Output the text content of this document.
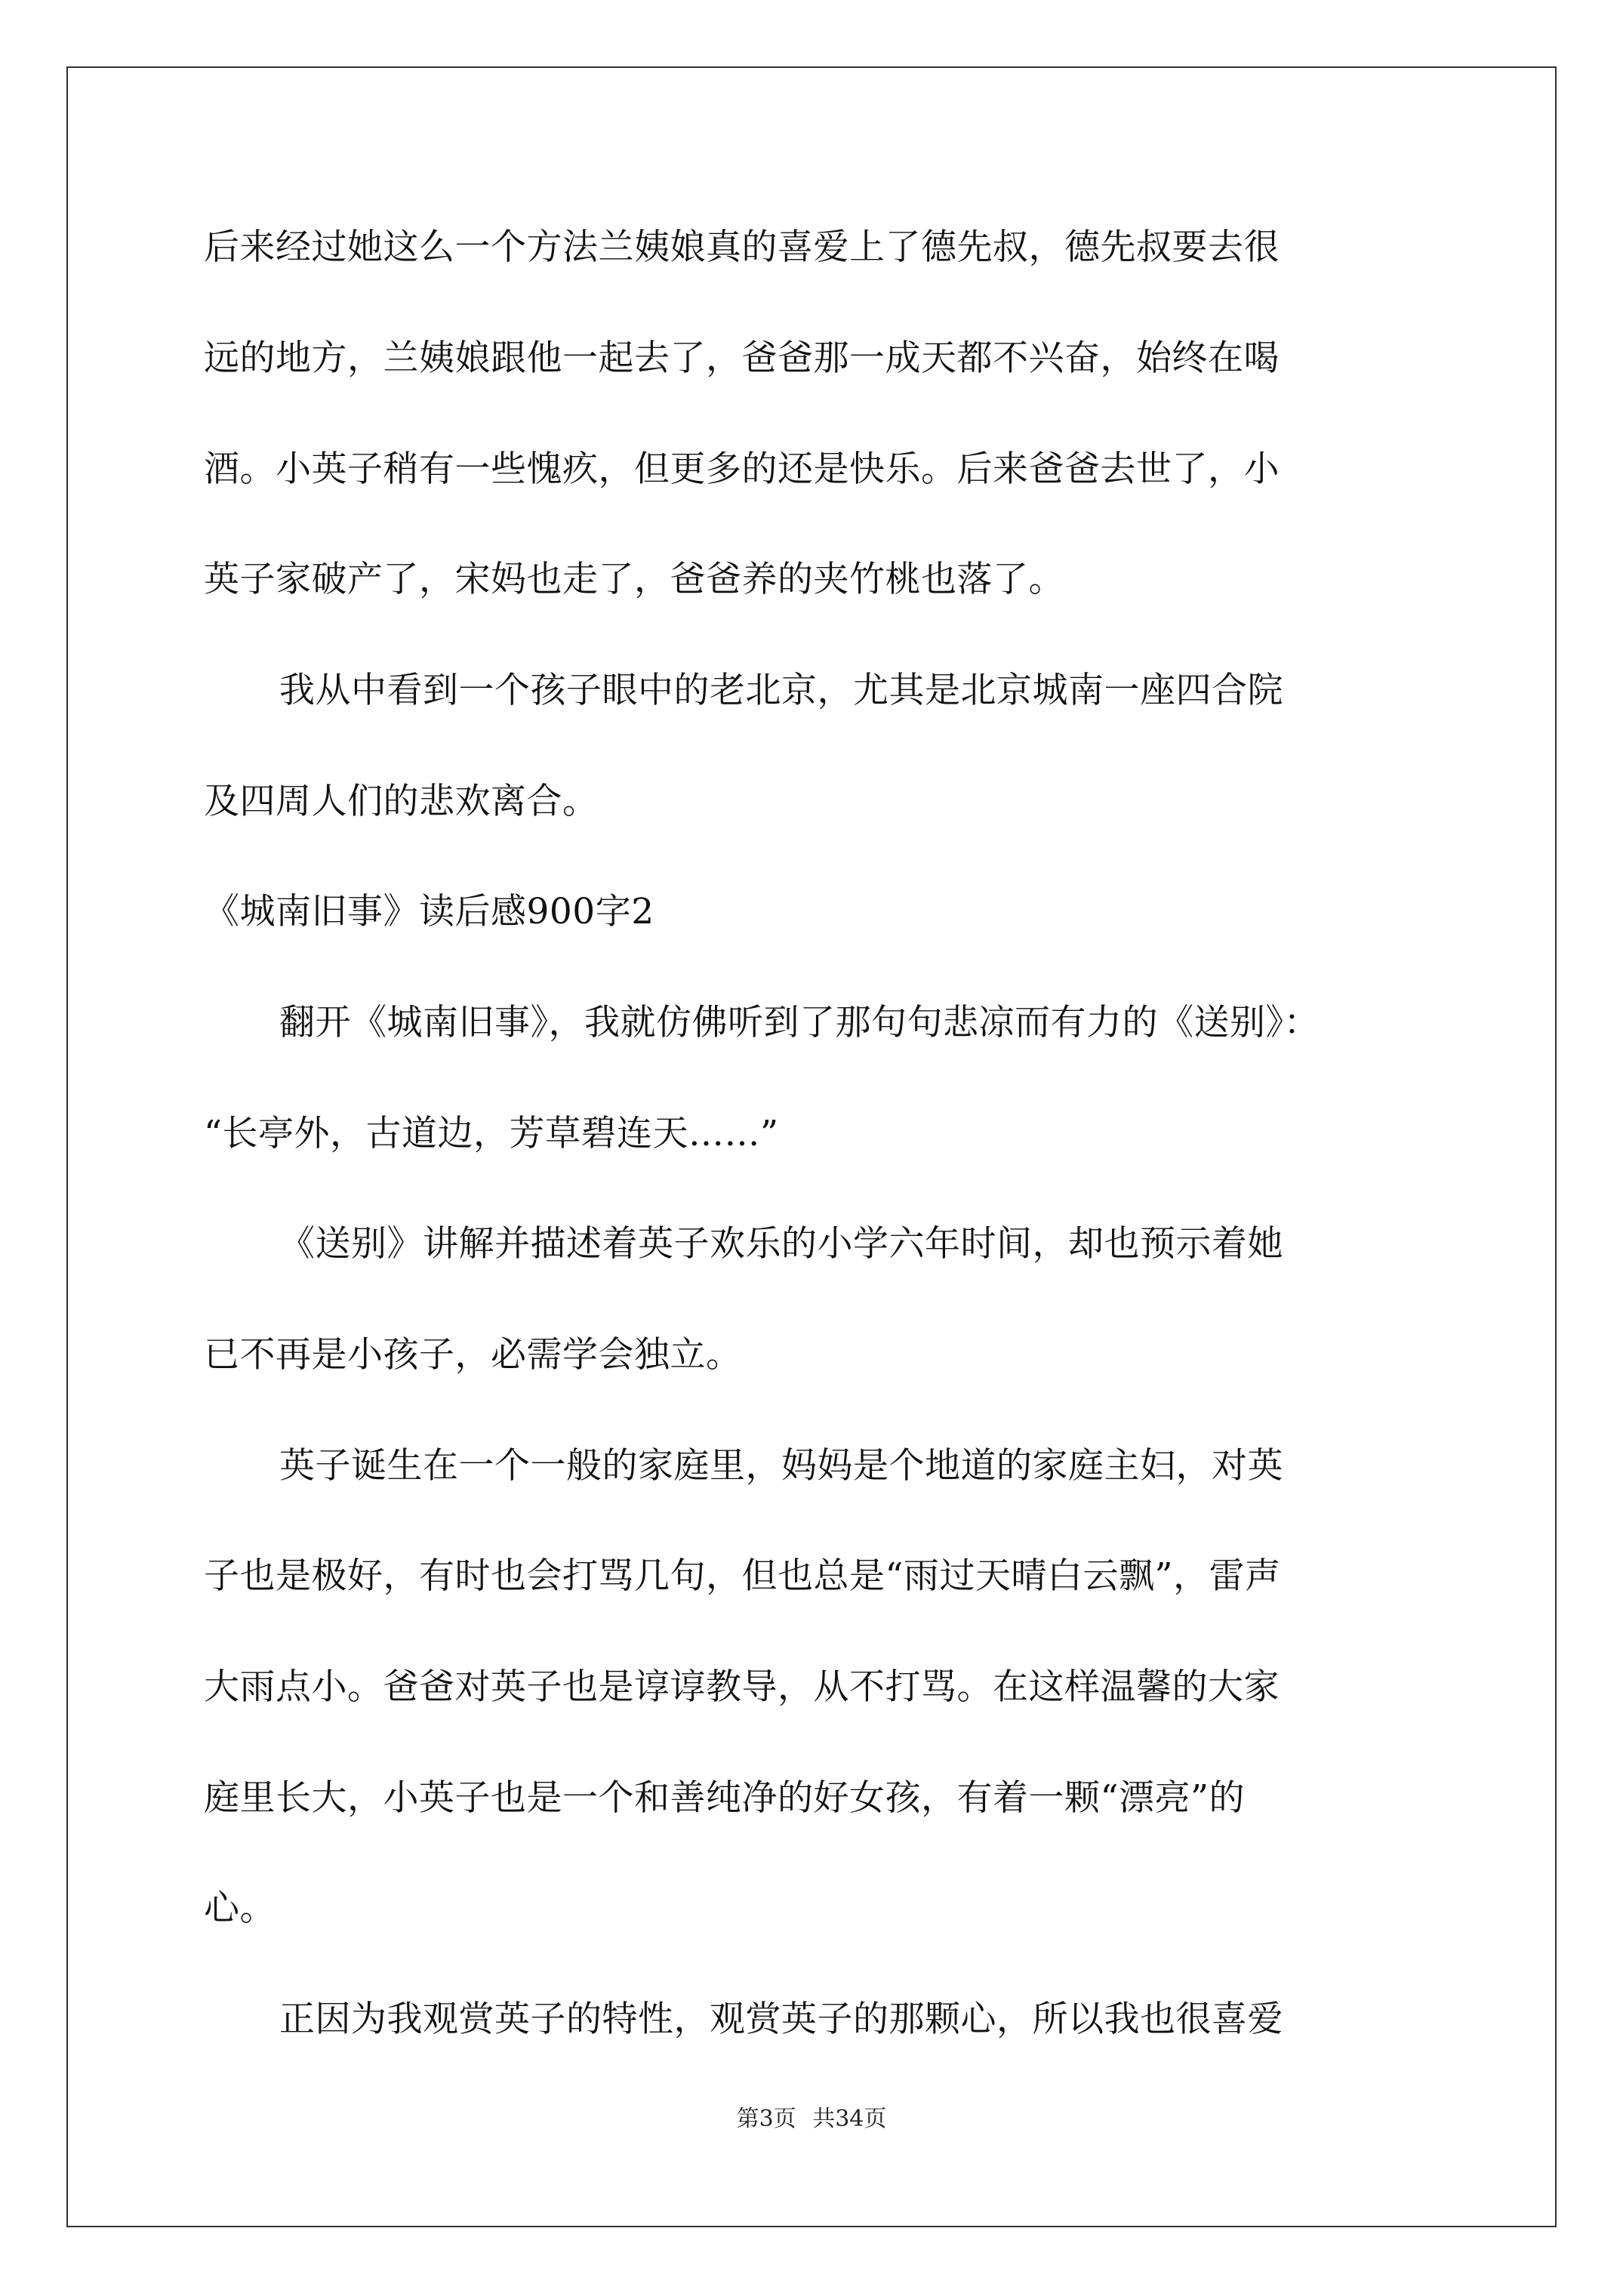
后来经过她这么一个方法兰姨娘真的喜爱上了德先叔，德先叔要去很
远的地方，兰姨娘跟他一起去了，爸爸那一成天都不兴奋，始终在喝
酒。小英子稍有一些愧疚，但更多的还是快乐。后来爸爸去世了，小
英子家破产了，宋妈也走了，爸爸养的夹竹桃也落了。
我从中看到一个孩子眼中的老北京，尤其是北京城南一座四合院
及四周人们的悲欢离合。
《城南旧事》读后感900字2
翻开《城南旧事》，我就仿佛听到了那句句悲凉而有力的《送别》：
“长亭外，古道边，芳草碧连天……”
《送别》讲解并描述着英子欢乐的小学六年时间，却也预示着她
已不再是小孩子，必需学会独立。
英子诞生在一个一般的家庭里，妈妈是个地道的家庭主妇，对英
子也是极好，有时也会打骂几句，但也总是“雨过天晴白云飘”，雷声
大雨点小。爸爸对英子也是谆谆教导，从不打骂。在这样温馨的大家
庭里长大，小英子也是一个和善纯净的好女孩，有着一颗“漂亮”的
心。
正因为我观赏英子的特性，观赏英子的那颗心，所以我也很喜爱
第3页 共34页
